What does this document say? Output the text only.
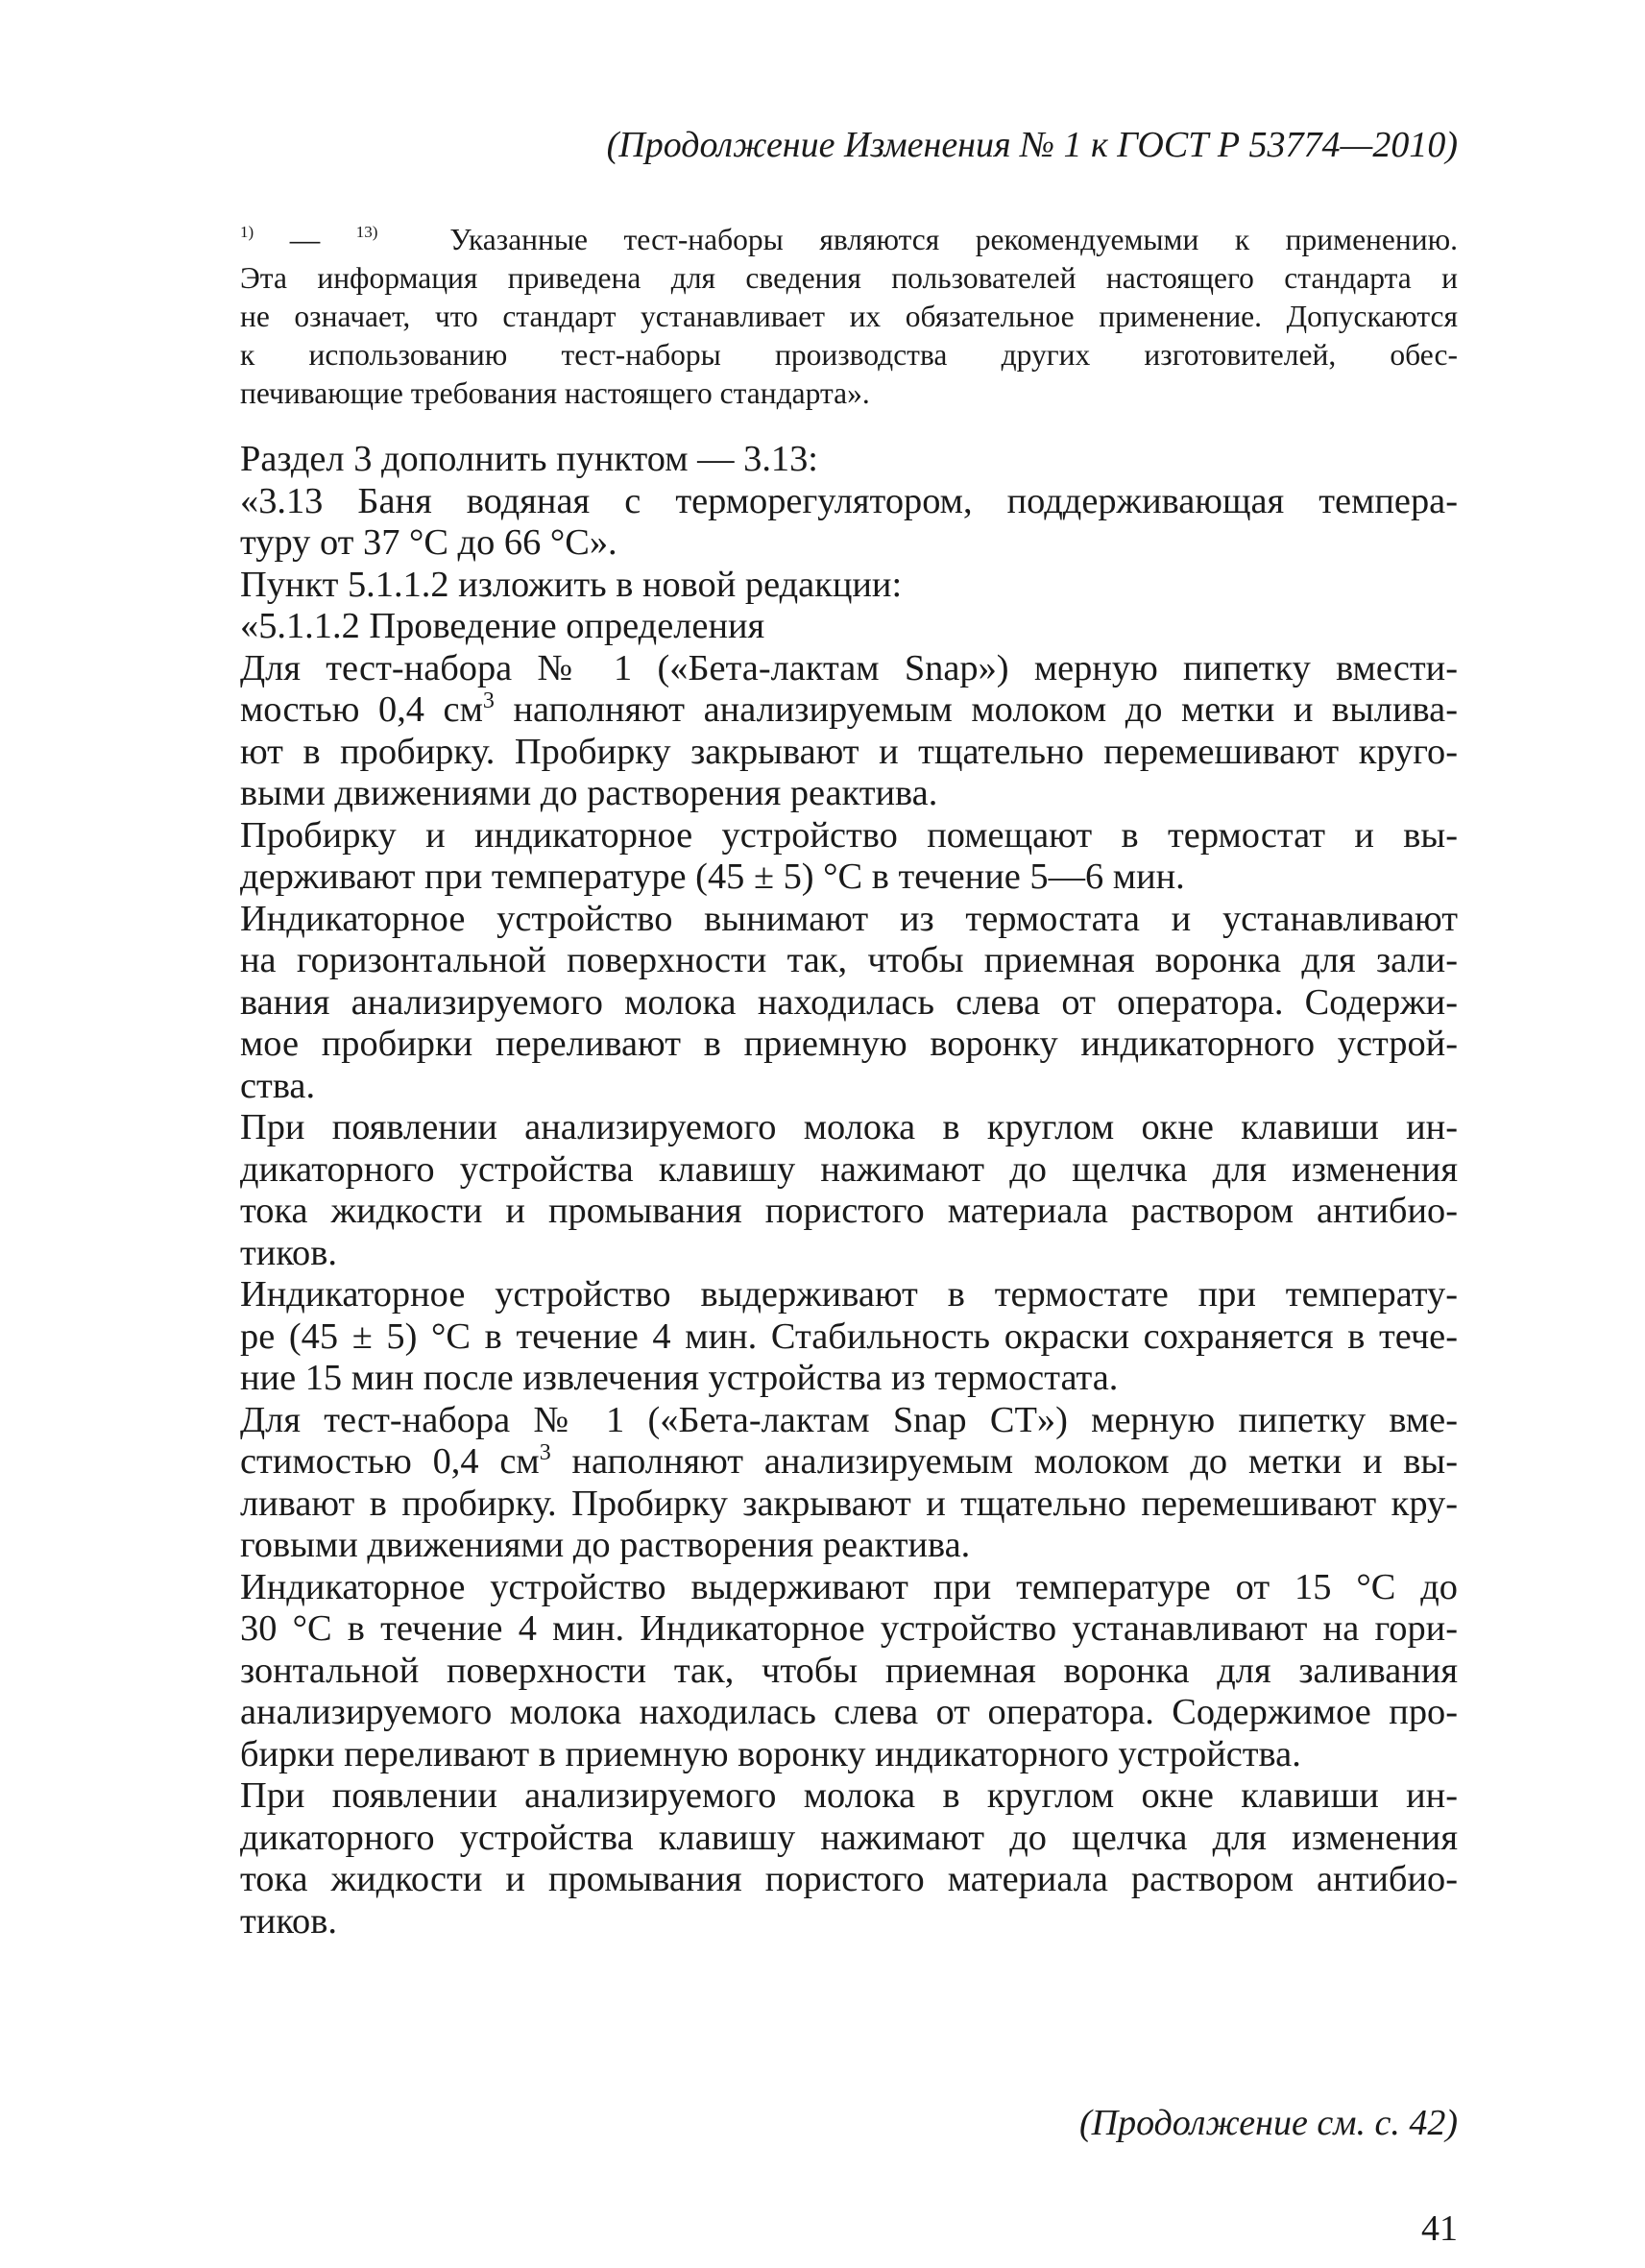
(Продолжение Изменения № 1 к ГОСТ Р 53774—2010)
$^{1)}$ — $^{13)}$ Указанные тест-наборы являются рекомендуемыми к применению.
Эта информация приведена для сведения пользователей настоящего стандарта и
не означает, что стандарт устанавливает их обязательное применение. Допускаются
к использованию тест-наборы производства других изготовителей, обес-
печивающие требования настоящего стандарта».
Раздел 3 дополнить пунктом — 3.13:
«3.13 Баня водяная с терморегулятором, поддерживающая темпера-
туру от 37 °С до 66 °С».
Пункт 5.1.1.2 изложить в новой редакции:
«5.1.1.2 Проведение определения
Для тест-набора № 1 («Бета-лактам Snap») мерную пипетку вмести-
мостью 0,4 $см^3$ наполняют анализируемым молоком до метки и вылива-
ют в пробирку. Пробирку закрывают и тщательно перемешивают круго-
выми движениями до растворения реактива.
Пробирку и индикаторное устройство помещают в термостат и вы-
держивают при температуре (45 ± 5) °С в течение 5—6 мин.
Индикаторное устройство вынимают из термостата и устанавливают
на горизонтальной поверхности так, чтобы приемная воронка для зали-
вания анализируемого молока находилась слева от оператора. Содержи-
мое пробирки переливают в приемную воронку индикаторного устрой-
ства.
При появлении анализируемого молока в круглом окне клавиши ин-
дикаторного устройства клавишу нажимают до щелчка для изменения
тока жидкости и промывания пористого материала раствором антибио-
тиков.
Индикаторное устройство выдерживают в термостате при температу-
ре (45 ± 5) °С в течение 4 мин. Стабильность окраски сохраняется в тече-
ние 15 мин после извлечения устройства из термостата.
Для тест-набора № 1 («Бета-лактам Snap CT») мерную пипетку вме-
стимостью 0,4 $см^3$ наполняют анализируемым молоком до метки и вы-
ливают в пробирку. Пробирку закрывают и тщательно перемешивают кру-
говыми движениями до растворения реактива.
Индикаторное устройство выдерживают при температуре от 15 °С до
30 °С в течение 4 мин. Индикаторное устройство устанавливают на гори-
зонтальной поверхности так, чтобы приемная воронка для заливания
анализируемого молока находилась слева от оператора. Содержимое про-
бирки переливают в приемную воронку индикаторного устройства.
При появлении анализируемого молока в круглом окне клавиши ин-
дикаторного устройства клавишу нажимают до щелчка для изменения
тока жидкости и промывания пористого материала раствором антибио-
тиков.
(Продолжение см. с. 42)
41
